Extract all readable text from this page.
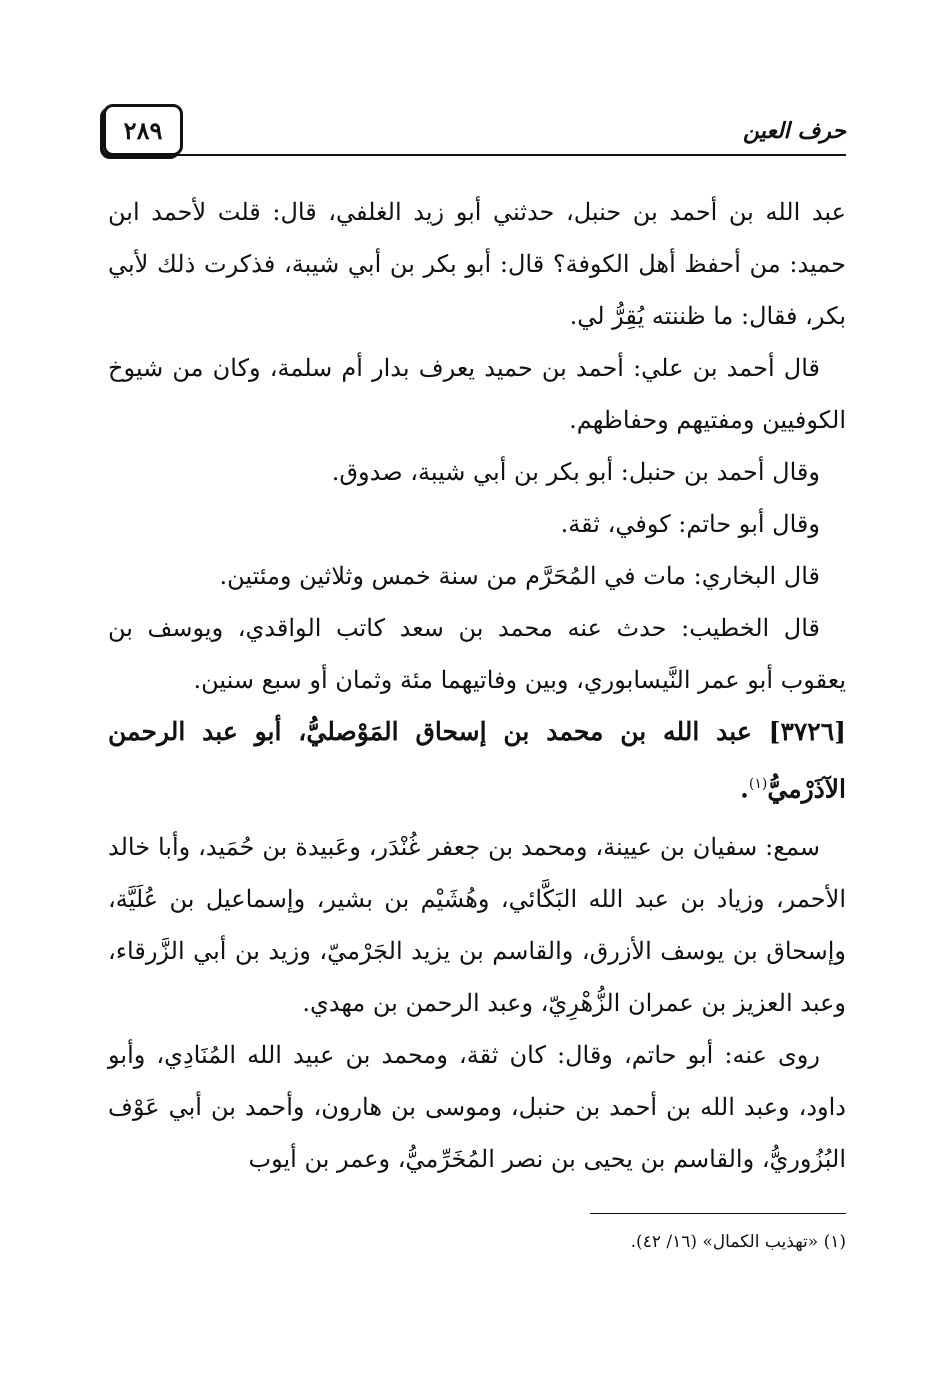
حرف العين
٢٨٩

عبد الله بن أحمد بن حنبل، حدثني أبو زيد الغلفي، قال: قلت لأحمد ابن حميد: من أحفظ أهل الكوفة؟ قال: أبو بكر بن أبي شيبة، فذكرت ذلك لأبي بكر، فقال: ما ظننته يُقِرُّ لي.

قال أحمد بن علي: أحمد بن حميد يعرف بدار أم سلمة، وكان من شيوخ الكوفيين ومفتيهم وحفاظهم.

وقال أحمد بن حنبل: أبو بكر بن أبي شيبة، صدوق.

وقال أبو حاتم: كوفي، ثقة.

قال البخاري: مات في المُحَرَّم من سنة خمس وثلاثين ومئتين.

قال الخطيب: حدث عنه محمد بن سعد كاتب الواقدي، ويوسف بن يعقوب أبو عمر النَّيسابوري، وبين وفاتيهما مئة وثمان أو سبع سنين.

[٣٧٢٦] عبد الله بن محمد بن إسحاق المَوْصليُّ، أبو عبد الرحمن الآذَرْميُّ$^{(١)}$.

سمع: سفيان بن عيينة، ومحمد بن جعفر غُنْدَر، وعَبيدة بن حُمَيد، وأبا خالد الأحمر، وزياد بن عبد الله البَكَّائي، وهُشَيْم بن بشير، وإسماعيل بن عُلَيَّة، وإسحاق بن يوسف الأزرق، والقاسم بن يزيد الجَرْميّ، وزيد بن أبي الزَّرقاء، وعبد العزيز بن عمران الزُّهْرِيّ، وعبد الرحمن بن مهدي.

روى عنه: أبو حاتم، وقال: كان ثقة، ومحمد بن عبيد الله المُنَادِي، وأبو داود، وعبد الله بن أحمد بن حنبل، وموسى بن هارون، وأحمد بن أبي عَوْف البُزُوريُّ، والقاسم بن يحيى بن نصر المُخَرِّميُّ، وعمر بن أيوب

(١) «تهذيب الكمال» (١٦/ ٤٢).
